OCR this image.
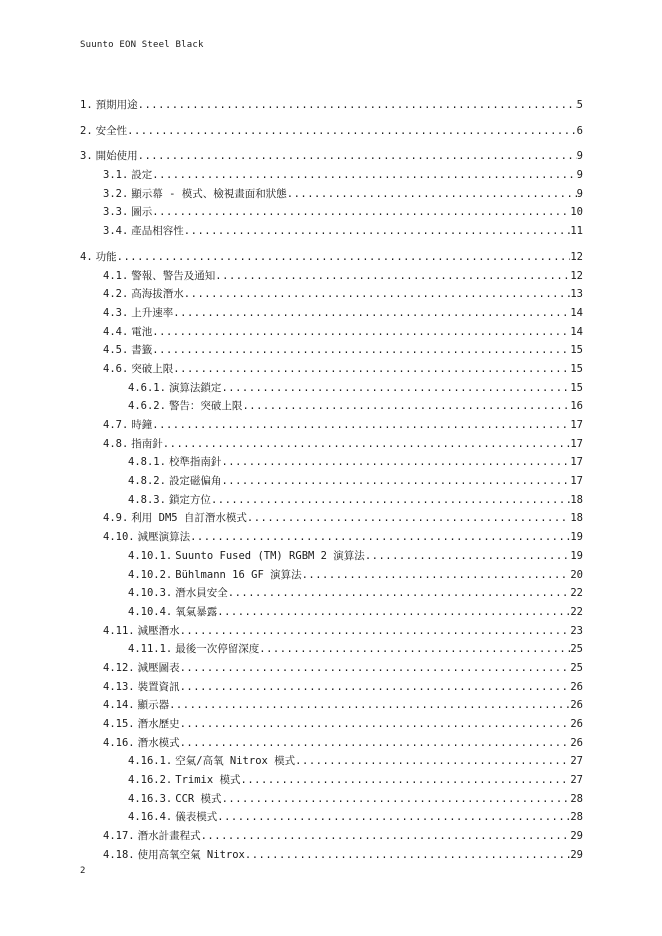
Suunto EON Steel Black
1. 預期用途 .....	5
2. 安全性 .....	6
3. 開始使用 .....	9
3.1. 設定 .....	9
3.2. 顯示幕 - 模式、檢視畫面和狀態 .....	9
3.3. 圖示 .....	10
3.4. 產品相容性 .....	11
4. 功能 .....	12
4.1. 警報、警告及通知 .....	12
4.2. 高海拔潛水 .....	13
4.3. 上升速率 .....	14
4.4. 電池 .....	14
4.5. 書籤 .....	15
4.6. 突破上限 .....	15
4.6.1. 演算法鎖定 .....	15
4.6.2. 警告：突破上限 .....	16
4.7. 時鐘 .....	17
4.8. 指南針 .....	17
4.8.1. 校準指南針 .....	17
4.8.2. 設定磁偏角 .....	17
4.8.3. 鎖定方位 .....	18
4.9. 利用 DM5 自訂潛水模式 .....	18
4.10. 減壓演算法 .....	19
4.10.1. Suunto Fused (TM) RGBM 2 演算法 .....	19
4.10.2. Bühlmann 16 GF 演算法 .....	20
4.10.3. 潛水員安全 .....	22
4.10.4. 氧氣暴露 .....	22
4.11. 減壓潛水 .....	23
4.11.1. 最後一次停留深度 .....	25
4.12. 減壓圖表 .....	25
4.13. 裝置資訊 .....	26
4.14. 顯示器 .....	26
4.15. 潛水歷史 .....	26
4.16. 潛水模式 .....	26
4.16.1. 空氣/高氧 Nitrox 模式 .....	27
4.16.2. Trimix 模式 .....	27
4.16.3. CCR 模式 .....	28
4.16.4. 儀表模式 .....	28
4.17. 潛水計畫程式 .....	29
4.18. 使用高氧空氣 Nitrox .....	29
2
